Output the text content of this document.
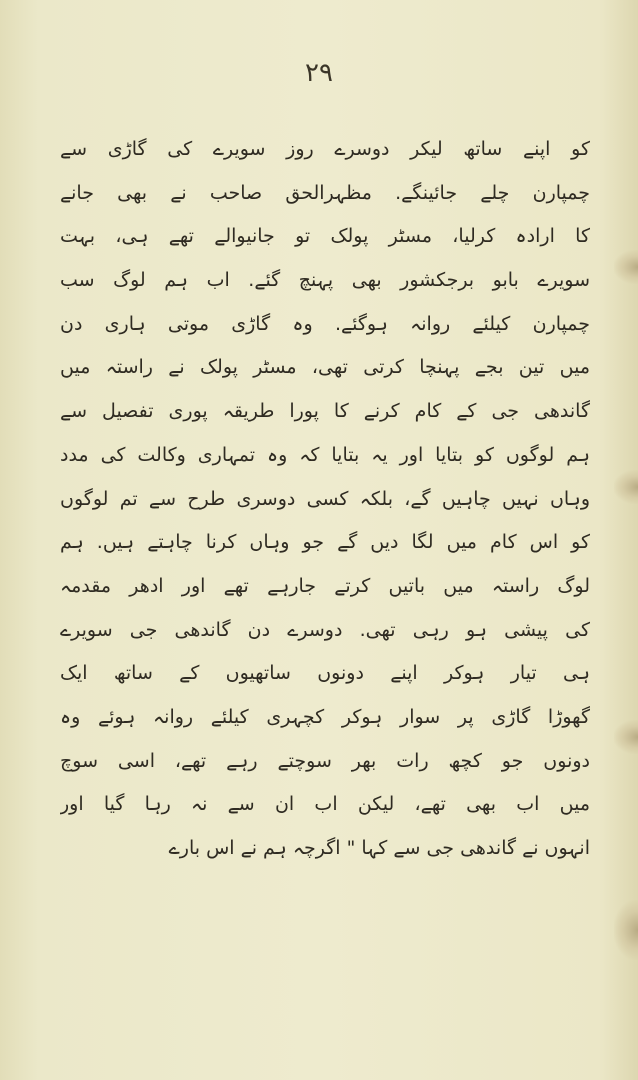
۲۹
کو اپنے ساتھ لیکر دوسرے روز سویرے کی گاڑی سے
چمپارن چلے جائینگے. مظہرالحق صاحب نے بھی جانے
کا ارادہ کرلیا، مسٹر پولک تو جانیوالے تھے ہی، بہت
سویرے بابو برجکشور بھی پہنچ گئے. اب ہم لوگ سب
چمپارن کیلئے روانہ ہوگئے. وہ گاڑی موتی ہاری دن
میں تین بجے پہنچا کرتی تھی، مسٹر پولک نے راستہ میں
گاندھی جی کے کام کرنے کا پورا طریقہ پوری تفصیل سے
ہم لوگوں کو بتایا اور یہ بتایا کہ وہ تمہاری وکالت کی مدد
وہاں نہیں چاہیں گے، بلکہ کسی دوسری طرح سے تم لوگوں
کو اس کام میں لگا دیں گے جو وہاں کرنا چاہتے ہیں. ہم
لوگ راستہ میں باتیں کرتے جارہے تھے اور ادھر مقدمہ
کی پیشی ہو رہی تھی. دوسرے دن گاندھی جی سویرے
ہی تیار ہوکر اپنے دونوں ساتھیوں کے ساتھ ایک
گھوڑا گاڑی پر سوار ہوکر کچہری کیلئے روانہ ہوئے وہ
دونوں جو کچھ رات بھر سوچتے رہے تھے، اسی سوچ
میں اب بھی تھے، لیکن اب ان سے نہ رہا گیا اور
انہوں نے گاندھی جی سے کہا " اگرچہ ہم نے اس بارے
